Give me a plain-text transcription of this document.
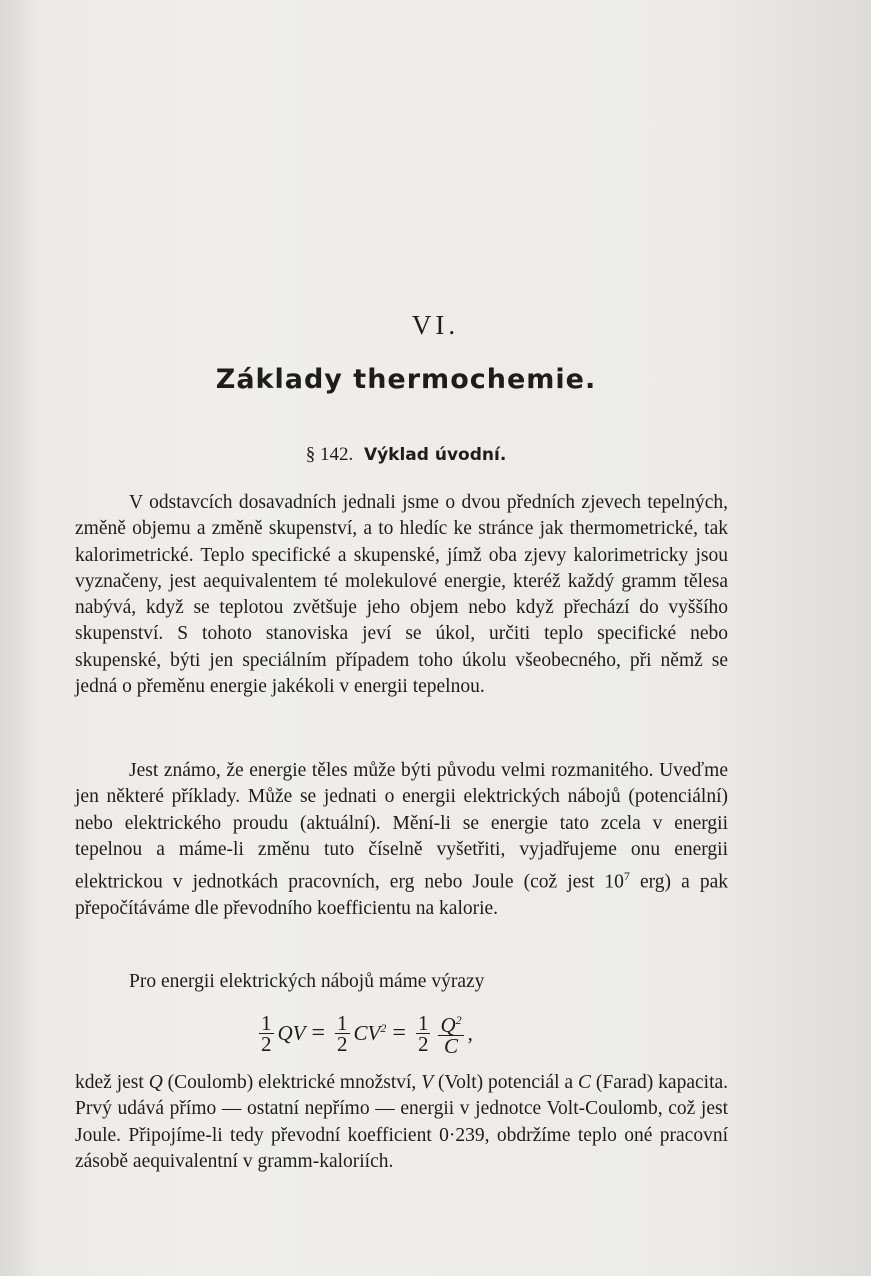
VI.
Základy thermochemie.
§ 142. Výklad úvodní.

V odstavcích dosavadních jednali jsme o dvou předních zjevech tepelných, změně objemu a změně skupenství, a to hledíc ke stránce jak thermometrické, tak kalorimetrické. Teplo specifické a skupenské, jímž oba zjevy kalorimetricky jsou vyznačeny, jest aequivalentem té molekulové energie, kteréž každý gramm tělesa nabývá, když se teplotou zvětšuje jeho objem nebo když přechází do vyššího skupenství. S tohoto stanoviska jeví se úkol, určiti teplo specifické nebo skupenské, býti jen speciálním případem toho úkolu všeobecného, při němž se jedná o přeměnu energie jakékoli v energii tepelnou.

Jest známo, že energie těles může býti původu velmi rozmanitého. Uveďme jen některé příklady. Může se jednati o energii elektrických nábojů (potenciální) nebo elektrického proudu (aktuální). Mění-li se energie tato zcela v energii tepelnou a máme-li změnu tuto číselně vyšetřiti, vyjadřujeme onu energii elektrickou v jednotkách pracovních, erg nebo Joule (což jest $10^7$ erg) a pak přepočítáváme dle převodního koefficientu na kalorie.

Pro energii elektrických nábojů máme výrazy

$\frac{1}{2}$ QV = $\frac{1}{2} CV^2 = \frac{1}{2} \frac{Q^2}{C}$ ,

kdež jest Q (Coulomb) elektrické množství, V (Volt) potenciál a C (Farad) kapacita. Prvý udává přímo — ostatní nepřímo — energii v jednotce Volt-Coulomb, což jest Joule. Připojíme-li tedy převodní koefficient 0·239, obdržíme teplo oné pracovní zásobě aequivalentní v gramm-kaloriích.
